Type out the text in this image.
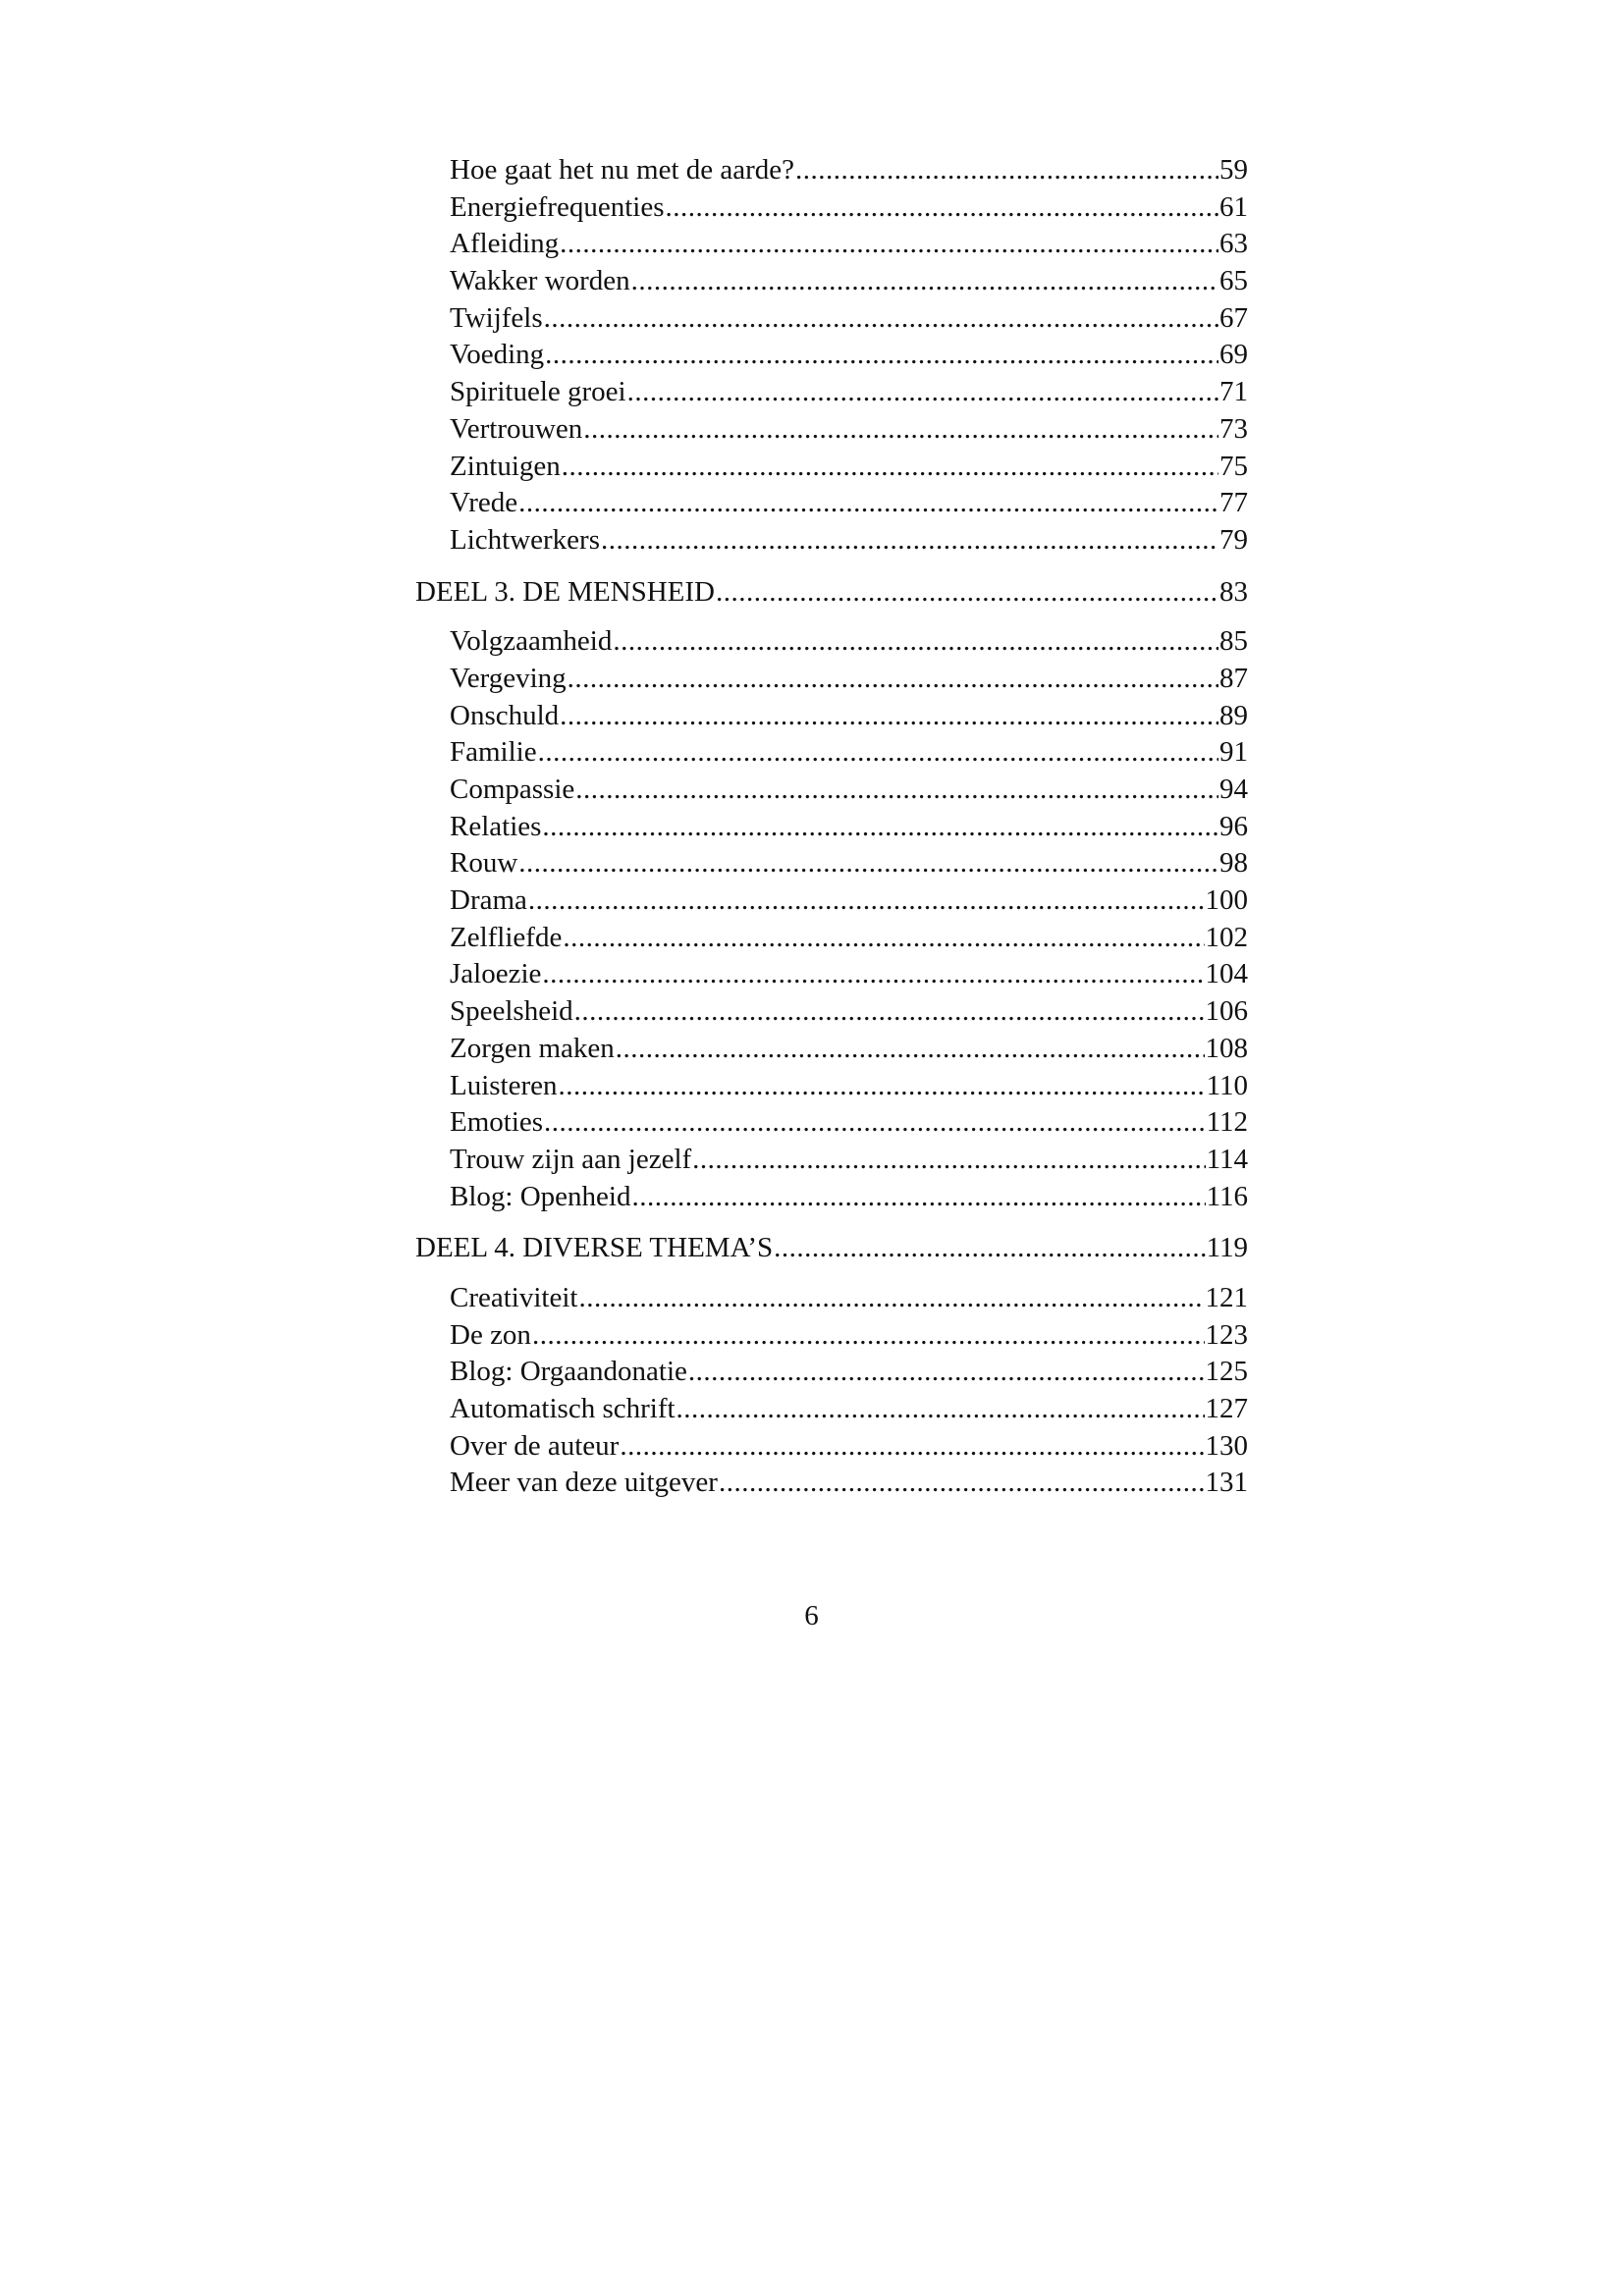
Hoe gaat het nu met de aarde? .....	59
Energiefrequenties .....	61
Afleiding .....	63
Wakker worden .....	65
Twijfels .....	67
Voeding .....	69
Spirituele groei .....	71
Vertrouwen .....	73
Zintuigen .....	75
Vrede .....	77
Lichtwerkers .....	79
DEEL 3. DE MENSHEID .....	83
Volgzaamheid .....	85
Vergeving .....	87
Onschuld .....	89
Familie .....	91
Compassie .....	94
Relaties .....	96
Rouw .....	98
Drama .....	100
Zelfliefde .....	102
Jaloezie .....	104
Speelsheid .....	106
Zorgen maken .....	108
Luisteren .....	110
Emoties .....	112
Trouw zijn aan jezelf .....	114
Blog: Openheid .....	116
DEEL 4. DIVERSE THEMA’S .....	119
Creativiteit .....	121
De zon .....	123
Blog: Orgaandonatie .....	125
Automatisch schrift .....	127
Over de auteur .....	130
Meer van deze uitgever .....	131
6
